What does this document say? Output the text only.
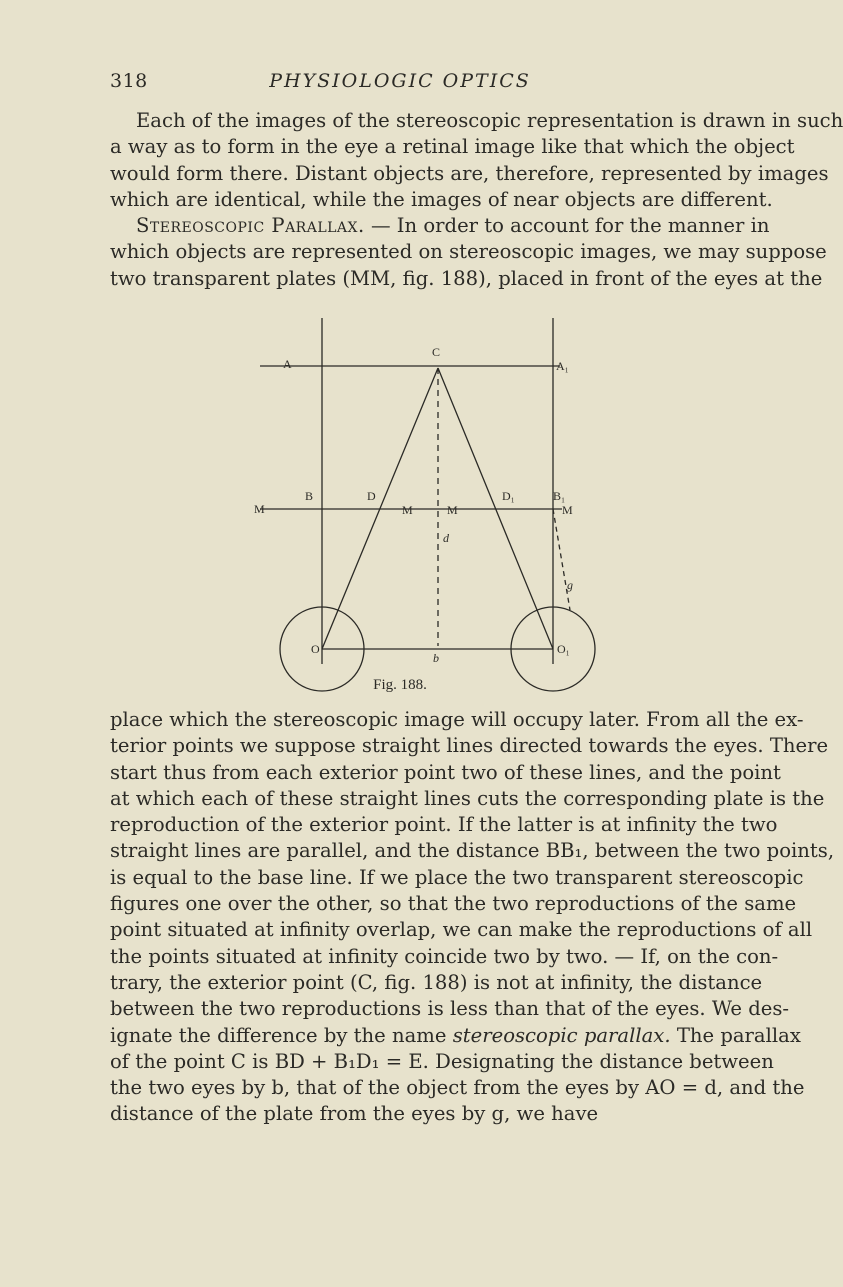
318	PHYSIOLOGIC OPTICS
Each of the images of the stereoscopic representation is drawn in such
a way as to form in the eye a retinal image like that which the object
would form there. Distant objects are, therefore, represented by images
which are identical, while the images of near objects are different.
Stereoscopic Parallax. — In order to account for the manner in
which objects are represented on stereoscopic images, we may suppose
two transparent plates (MM, fig. 188), placed in front of the eyes at the
A
C
A₁
M
B	D
M	M
D₁	B₁
M
d
g
O	O₁
b
Fig. 188.
place which the stereoscopic image will occupy later. From all the ex-
terior points we suppose straight lines directed towards the eyes. There
start thus from each exterior point two of these lines, and the point
at which each of these straight lines cuts the corresponding plate is the
reproduction of the exterior point. If the latter is at infinity the two
straight lines are parallel, and the distance BB₁, between the two points,
is equal to the base line. If we place the two transparent stereoscopic
figures one over the other, so that the two reproductions of the same
point situated at infinity overlap, we can make the reproductions of all
the points situated at infinity coincide two by two. — If, on the con-
trary, the exterior point (C, fig. 188) is not at infinity, the distance
between the two reproductions is less than that of the eyes. We des-
ignate the difference by the name stereoscopic parallax. The parallax
of the point C is BD + B₁D₁ = E. Designating the distance between
the two eyes by b, that of the object from the eyes by AO = d, and the
distance of the plate from the eyes by g, we have
